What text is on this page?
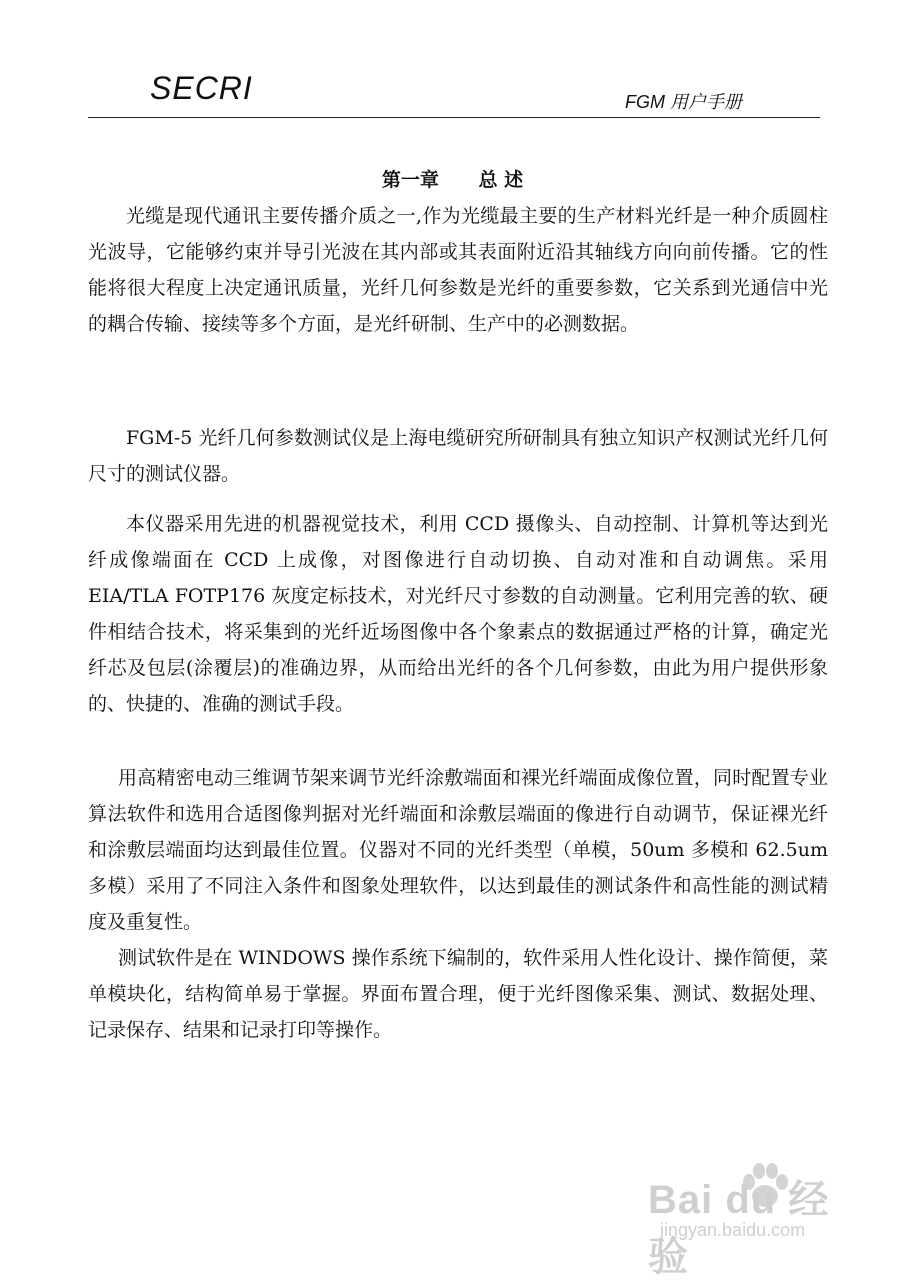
SECRI	FGM 用户手册
第一章 总 述

光缆是现代通讯主要传播介质之一,作为光缆最主要的生产材料光纤是一种介质圆柱光波导，它能够约束并导引光波在其内部或其表面附近沿其轴线方向向前传播。它的性能将很大程度上决定通讯质量，光纤几何参数是光纤的重要参数，它关系到光通信中光的耦合传输、接续等多个方面，是光纤研制、生产中的必测数据。

FGM-5 光纤几何参数测试仪是上海电缆研究所研制具有独立知识产权测试光纤几何尺寸的测试仪器。

本仪器采用先进的机器视觉技术，利用 CCD 摄像头、自动控制、计算机等达到光纤成像端面在 CCD 上成像，对图像进行自动切换、自动对准和自动调焦。采用 EIA/TLA FOTP176 灰度定标技术，对光纤尺寸参数的自动测量。它利用完善的软、硬件相结合技术，将采集到的光纤近场图像中各个象素点的数据通过严格的计算，确定光纤芯及包层(涂覆层)的准确边界，从而给出光纤的各个几何参数，由此为用户提供形象的、快捷的、准确的测试手段。

用高精密电动三维调节架来调节光纤涂敷端面和裸光纤端面成像位置，同时配置专业算法软件和选用合适图像判据对光纤端面和涂敷层端面的像进行自动调节，保证裸光纤和涂敷层端面均达到最佳位置。仪器对不同的光纤类型（单模，50um 多模和 62.5um 多模）采用了不同注入条件和图象处理软件，以达到最佳的测试条件和高性能的测试精度及重复性。

测试软件是在 WINDOWS 操作系统下编制的，软件采用人性化设计、操作简便，菜单模块化，结构简单易于掌握。界面布置合理，便于光纤图像采集、测试、数据处理、记录保存、结果和记录打印等操作。

Bai du 经验
jingyan.baidu.com
